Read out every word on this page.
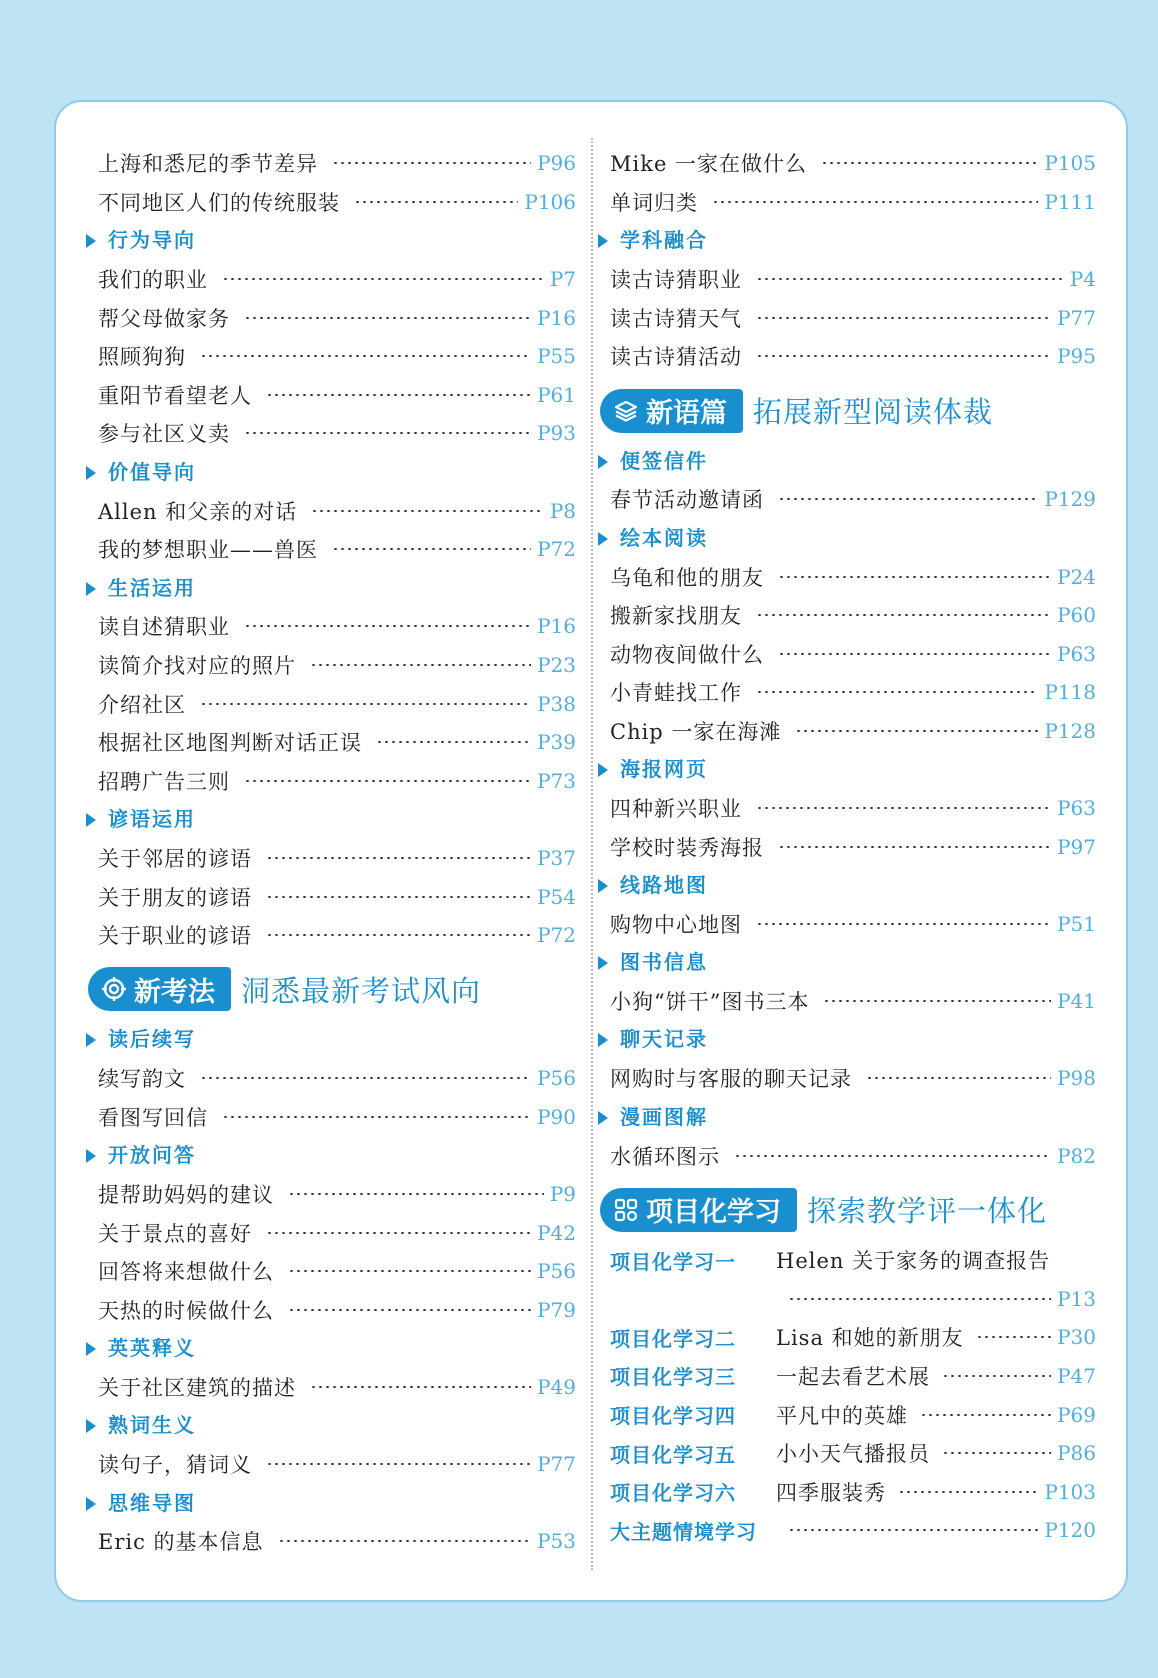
上海和悉尼的季节差异	P96
不同地区人们的传统服装	P106
行为导向
我们的职业	P7
帮父母做家务	P16
照顾狗狗	P55
重阳节看望老人	P61
参与社区义卖	P93
价值导向
Allen 和父亲的对话	P8
我的梦想职业——兽医	P72
生活运用
读自述猜职业	P16
读简介找对应的照片	P23
介绍社区	P38
根据社区地图判断对话正误	P39
招聘广告三则	P73
谚语运用
关于邻居的谚语	P37
关于朋友的谚语	P54
关于职业的谚语	P72
新考法 洞悉最新考试风向
读后续写
续写韵文	P56
看图写回信	P90
开放问答
提帮助妈妈的建议	P9
关于景点的喜好	P42
回答将来想做什么	P56
天热的时候做什么	P79
英英释义
关于社区建筑的描述	P49
熟词生义
读句子，猜词义	P77
思维导图
Eric 的基本信息	P53
Mike 一家在做什么	P105
单词归类	P111
学科融合
读古诗猜职业	P4
读古诗猜天气	P77
读古诗猜活动	P95
新语篇 拓展新型阅读体裁
便签信件
春节活动邀请函	P129
绘本阅读
乌龟和他的朋友	P24
搬新家找朋友	P60
动物夜间做什么	P63
小青蛙找工作	P118
Chip 一家在海滩	P128
海报网页
四种新兴职业	P63
学校时装秀海报	P97
线路地图
购物中心地图	P51
图书信息
小狗“饼干”图书三本	P41
聊天记录
网购时与客服的聊天记录	P98
漫画图解
水循环图示	P82
项目化学习 探索教学评一体化
项目化学习一	Helen 关于家务的调查报告
P13
项目化学习二	Lisa 和她的新朋友	P30
项目化学习三	一起去看艺术展	P47
项目化学习四	平凡中的英雄	P69
项目化学习五	小小天气播报员	P86
项目化学习六	四季服装秀	P103
大主题情境学习	P120
